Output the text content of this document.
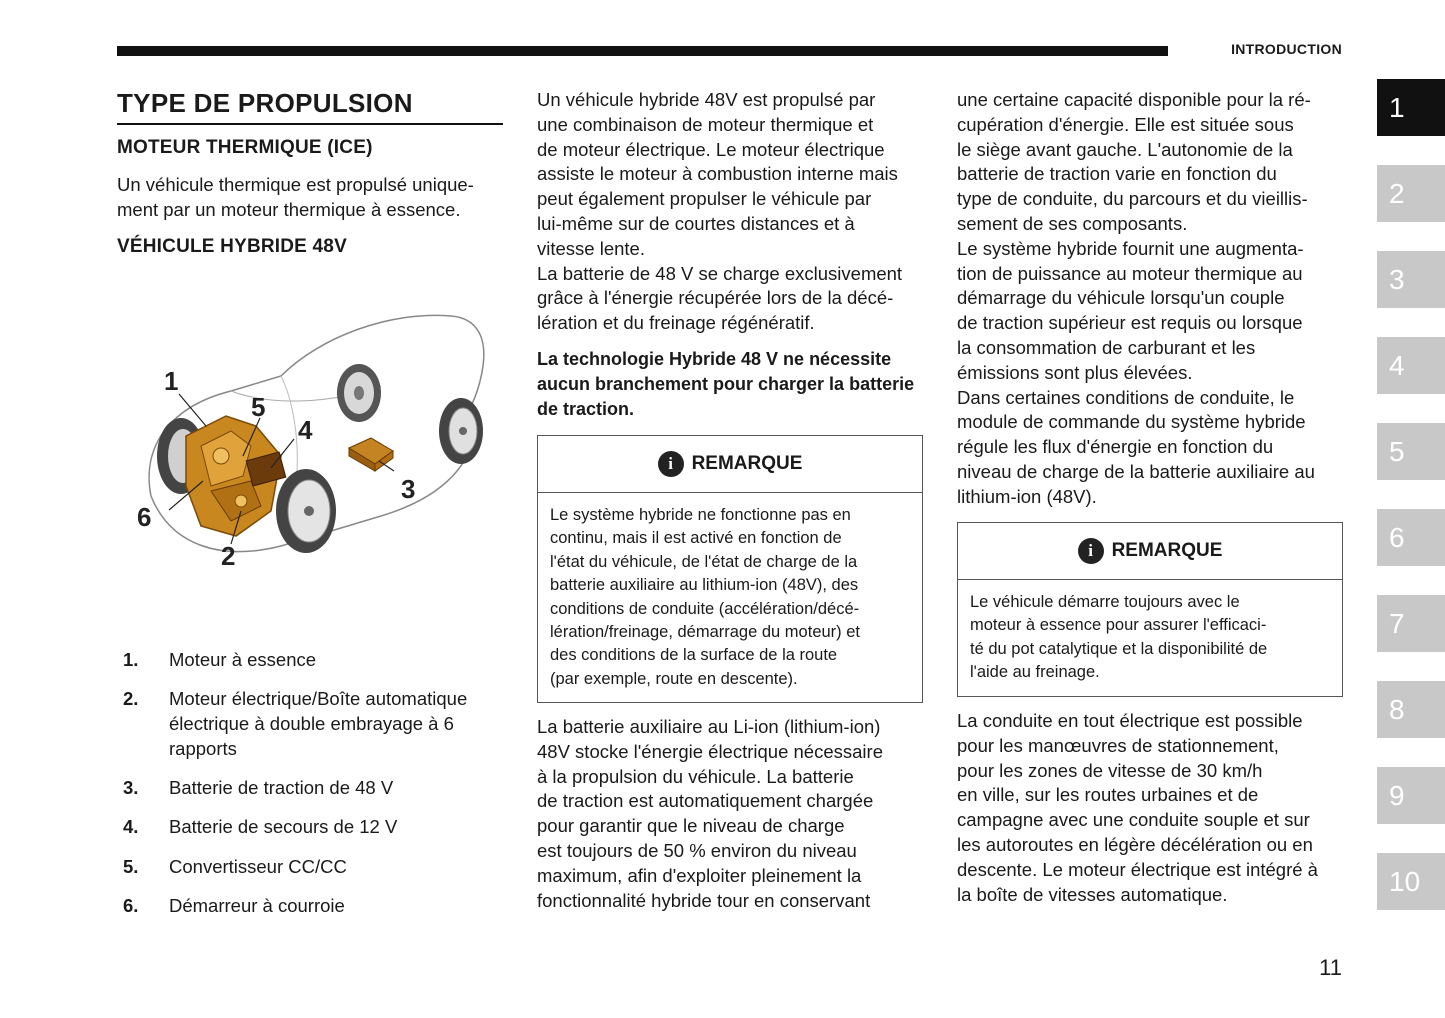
INTRODUCTION
1
2
3
4
5
6
7
8
9
10
TYPE DE PROPULSION
MOTEUR THERMIQUE (ICE)
Un véhicule thermique est propulsé unique-
ment par un moteur thermique à essence.
VÉHICULE HYBRIDE 48V
1
2
3
4
5
6
1.	Moteur à essence
2.	Moteur électrique/Boîte automatique
électrique à double embrayage à 6
rapports
3.	Batterie de traction de 48 V
4.	Batterie de secours de 12 V
5.	Convertisseur CC/CC
6.	Démarreur à courroie
Un véhicule hybride 48V est propulsé par
une combinaison de moteur thermique et
de moteur électrique. Le moteur électrique
assiste le moteur à combustion interne mais
peut également propulser le véhicule par
lui-même sur de courtes distances et à
vitesse lente.
La batterie de 48 V se charge exclusivement
grâce à l'énergie récupérée lors de la décé-
lération et du freinage régénératif.
La technologie Hybride 48 V ne nécessite
aucun branchement pour charger la batterie
de traction.
i REMARQUE
Le système hybride ne fonctionne pas en
continu, mais il est activé en fonction de
l'état du véhicule, de l'état de charge de la
batterie auxiliaire au lithium-ion (48V), des
conditions de conduite (accélération/décé-
lération/freinage, démarrage du moteur) et
des conditions de la surface de la route
(par exemple, route en descente).
La batterie auxiliaire au Li-ion (lithium-ion)
48V stocke l'énergie électrique nécessaire
à la propulsion du véhicule. La batterie
de traction est automatiquement chargée
pour garantir que le niveau de charge
est toujours de 50 % environ du niveau
maximum, afin d'exploiter pleinement la
fonctionnalité hybride tour en conservant
une certaine capacité disponible pour la ré-
cupération d'énergie. Elle est située sous
le siège avant gauche. L'autonomie de la
batterie de traction varie en fonction du
type de conduite, du parcours et du vieillis-
sement de ses composants.
Le système hybride fournit une augmenta-
tion de puissance au moteur thermique au
démarrage du véhicule lorsqu'un couple
de traction supérieur est requis ou lorsque
la consommation de carburant et les
émissions sont plus élevées.
Dans certaines conditions de conduite, le
module de commande du système hybride
régule les flux d'énergie en fonction du
niveau de charge de la batterie auxiliaire au
lithium-ion (48V).
i REMARQUE
Le véhicule démarre toujours avec le
moteur à essence pour assurer l'efficaci-
té du pot catalytique et la disponibilité de
l'aide au freinage.
La conduite en tout électrique est possible
pour les manœuvres de stationnement,
pour les zones de vitesse de 30 km/h
en ville, sur les routes urbaines et de
campagne avec une conduite souple et sur
les autoroutes en légère décélération ou en
descente. Le moteur électrique est intégré à
la boîte de vitesses automatique.
11
